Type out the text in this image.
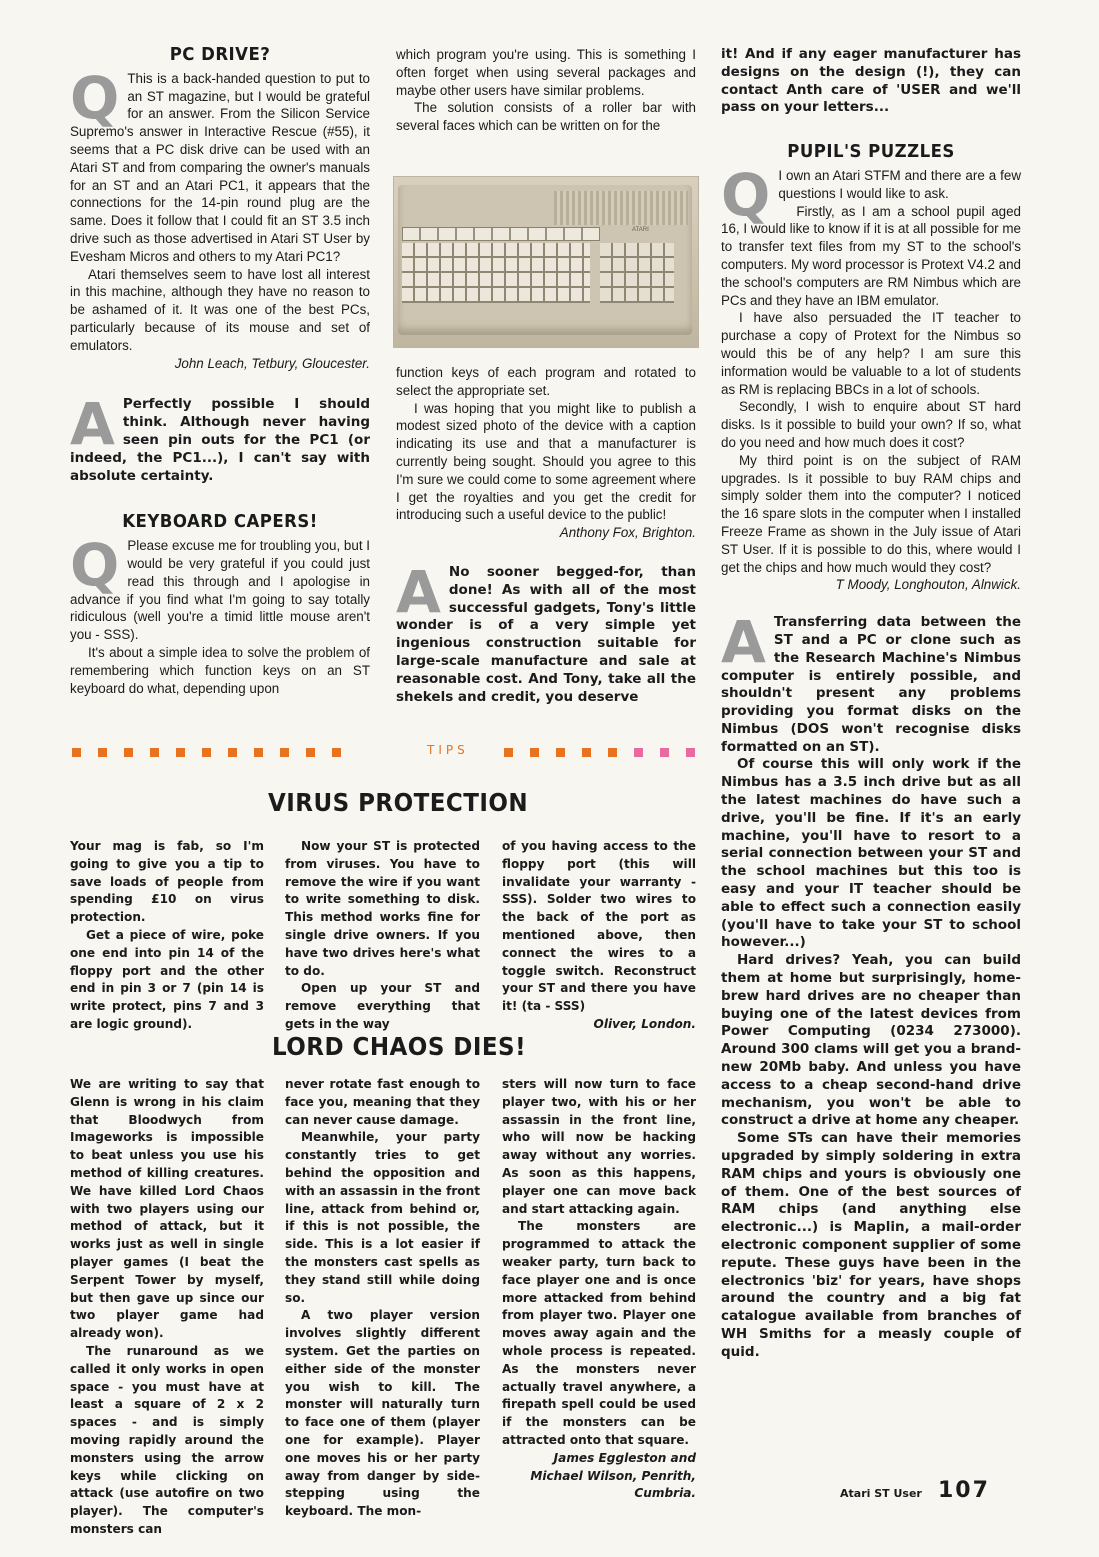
PC DRIVE?
Q This is a back-handed question to put to an ST magazine, but I would be grateful for an answer. From the Silicon Service Supremo's answer in Interactive Rescue (#55), it seems that a PC disk drive can be used with an Atari ST and from comparing the owner's manuals for an ST and an Atari PC1, it appears that the connections for the 14-pin round plug are the same. Does it follow that I could fit an ST 3.5 inch drive such as those advertised in Atari ST User by Evesham Micros and others to my Atari PC1?

Atari themselves seem to have lost all interest in this machine, although they have no reason to be ashamed of it. It was one of the best PCs, particularly because of its mouse and set of emulators.

John Leach, Tetbury, Gloucester.

A Perfectly possible I should think. Although never having seen pin outs for the PC1 (or indeed, the PC1...), I can't say with absolute certainty.

KEYBOARD CAPERS!
Q Please excuse me for troubling you, but I would be very grateful if you could just read this through and I apologise in advance if you find what I'm going to say totally ridiculous (well you're a timid little mouse aren't you - SSS).

It's about a simple idea to solve the problem of remembering which function keys on an ST keyboard do what, depending upon

which program you're using. This is something I often forget when using several packages and maybe other users have similar problems.

The solution consists of a roller bar with several faces which can be written on for the

ATARI

function keys of each program and rotated to select the appropriate set.

I was hoping that you might like to publish a modest sized photo of the device with a caption indicating its use and that a manufacturer is currently being sought. Should you agree to this I'm sure we could come to some agreement where I get the royalties and you get the credit for introducing such a useful device to the public!

Anthony Fox, Brighton.

A No sooner begged-for, than done! As with all of the most successful gadgets, Tony's little wonder is of a very simple yet ingenious construction suitable for large-scale manufacture and sale at reasonable cost. And Tony, take all the shekels and credit, you deserve

it! And if any eager manufacturer has designs on the design (!), they can contact Anth care of 'USER and we'll pass on your letters...

PUPIL'S PUZZLES
Q I own an Atari STFM and there are a few questions I would like to ask.

Firstly, as I am a school pupil aged 16, I would like to know if it is at all possible for me to transfer text files from my ST to the school's computers. My word processor is Protext V4.2 and the school's computers are RM Nimbus which are PCs and they have an IBM emulator.

I have also persuaded the IT teacher to purchase a copy of Protext for the Nimbus so would this be of any help? I am sure this information would be valuable to a lot of students as RM is replacing BBCs in a lot of schools.

Secondly, I wish to enquire about ST hard disks. Is it possible to build your own? If so, what do you need and how much does it cost?

My third point is on the subject of RAM upgrades. Is it possible to buy RAM chips and simply solder them into the computer? I noticed the 16 spare slots in the computer when I installed Freeze Frame as shown in the July issue of Atari ST User. If it is possible to do this, where would I get the chips and how much would they cost?

T Moody, Longhouton, Alnwick.

A Transferring data between the ST and a PC or clone such as the Research Machine's Nimbus computer is entirely possible, and shouldn't present any problems providing you format disks on the Nimbus (DOS won't recognise disks formatted on an ST).

Of course this will only work if the Nimbus has a 3.5 inch drive but as all the latest machines do have such a drive, you'll be fine. If it's an early machine, you'll have to resort to a serial connection between your ST and the school machines but this too is easy and your IT teacher should be able to effect such a connection easily (you'll have to take your ST to school however...)

Hard drives? Yeah, you can build them at home but surprisingly, home-brew hard drives are no cheaper than buying one of the latest devices from Power Computing (0234 273000). Around 300 clams will get you a brand-new 20Mb baby. And unless you have access to a cheap second-hand drive mechanism, you won't be able to construct a drive at home any cheaper.

Some STs can have their memories upgraded by simply soldering in extra RAM chips and yours is obviously one of them. One of the best sources of RAM chips (and anything else electronic...) is Maplin, a mail-order electronic component supplier of some repute. These guys have been in the electronics 'biz' for years, have shops around the country and a big fat catalogue available from branches of WH Smiths for a measly couple of quid.

TIPS
VIRUS PROTECTION

Your mag is fab, so I'm going to give you a tip to save loads of people from spending £10 on virus protection.

Get a piece of wire, poke one end into pin 14 of the floppy port and the other end in pin 3 or 7 (pin 14 is write protect, pins 7 and 3 are logic ground).

Now your ST is protected from viruses. You have to remove the wire if you want to write something to disk. This method works fine for single drive owners. If you have two drives here's what to do.

Open up your ST and remove everything that gets in the way

of you having access to the floppy port (this will invalidate your warranty - SSS). Solder two wires to the back of the port as mentioned above, then connect the wires to a toggle switch. Reconstruct your ST and there you have it! (ta - SSS)

Oliver, London.

LORD CHAOS DIES!

We are writing to say that Glenn is wrong in his claim that Bloodwych from Imageworks is impossible to beat unless you use his method of killing creatures. We have killed Lord Chaos with two players using our method of attack, but it works just as well in single player games (I beat the Serpent Tower by myself, but then gave up since our two player game had already won).

The runaround as we called it only works in open space - you must have at least a square of 2 x 2 spaces - and is simply moving rapidly around the monsters using the arrow keys while clicking on attack (use autofire on two player). The computer's monsters can

never rotate fast enough to face you, meaning that they can never cause damage.

Meanwhile, your party constantly tries to get behind the opposition and with an assassin in the front line, attack from behind or, if this is not possible, the side. This is a lot easier if the monsters cast spells as they stand still while doing so.

A two player version involves slightly different system. Get the parties on either side of the monster you wish to kill. The monster will naturally turn to face one of them (player one for example). Player one moves his or her party away from danger by side-stepping using the keyboard. The mon-

sters will now turn to face player two, with his or her assassin in the front line, who will now be hacking away without any worries. As soon as this happens, player one can move back and start attacking again.

The monsters are programmed to attack the weaker party, turn back to face player one and is once more attacked from behind from player two. Player one moves away again and the whole process is repeated. As the monsters never actually travel anywhere, a firepath spell could be used if the monsters can be attracted onto that square.

James Eggleston and Michael Wilson, Penrith, Cumbria.	Atari ST User 107
